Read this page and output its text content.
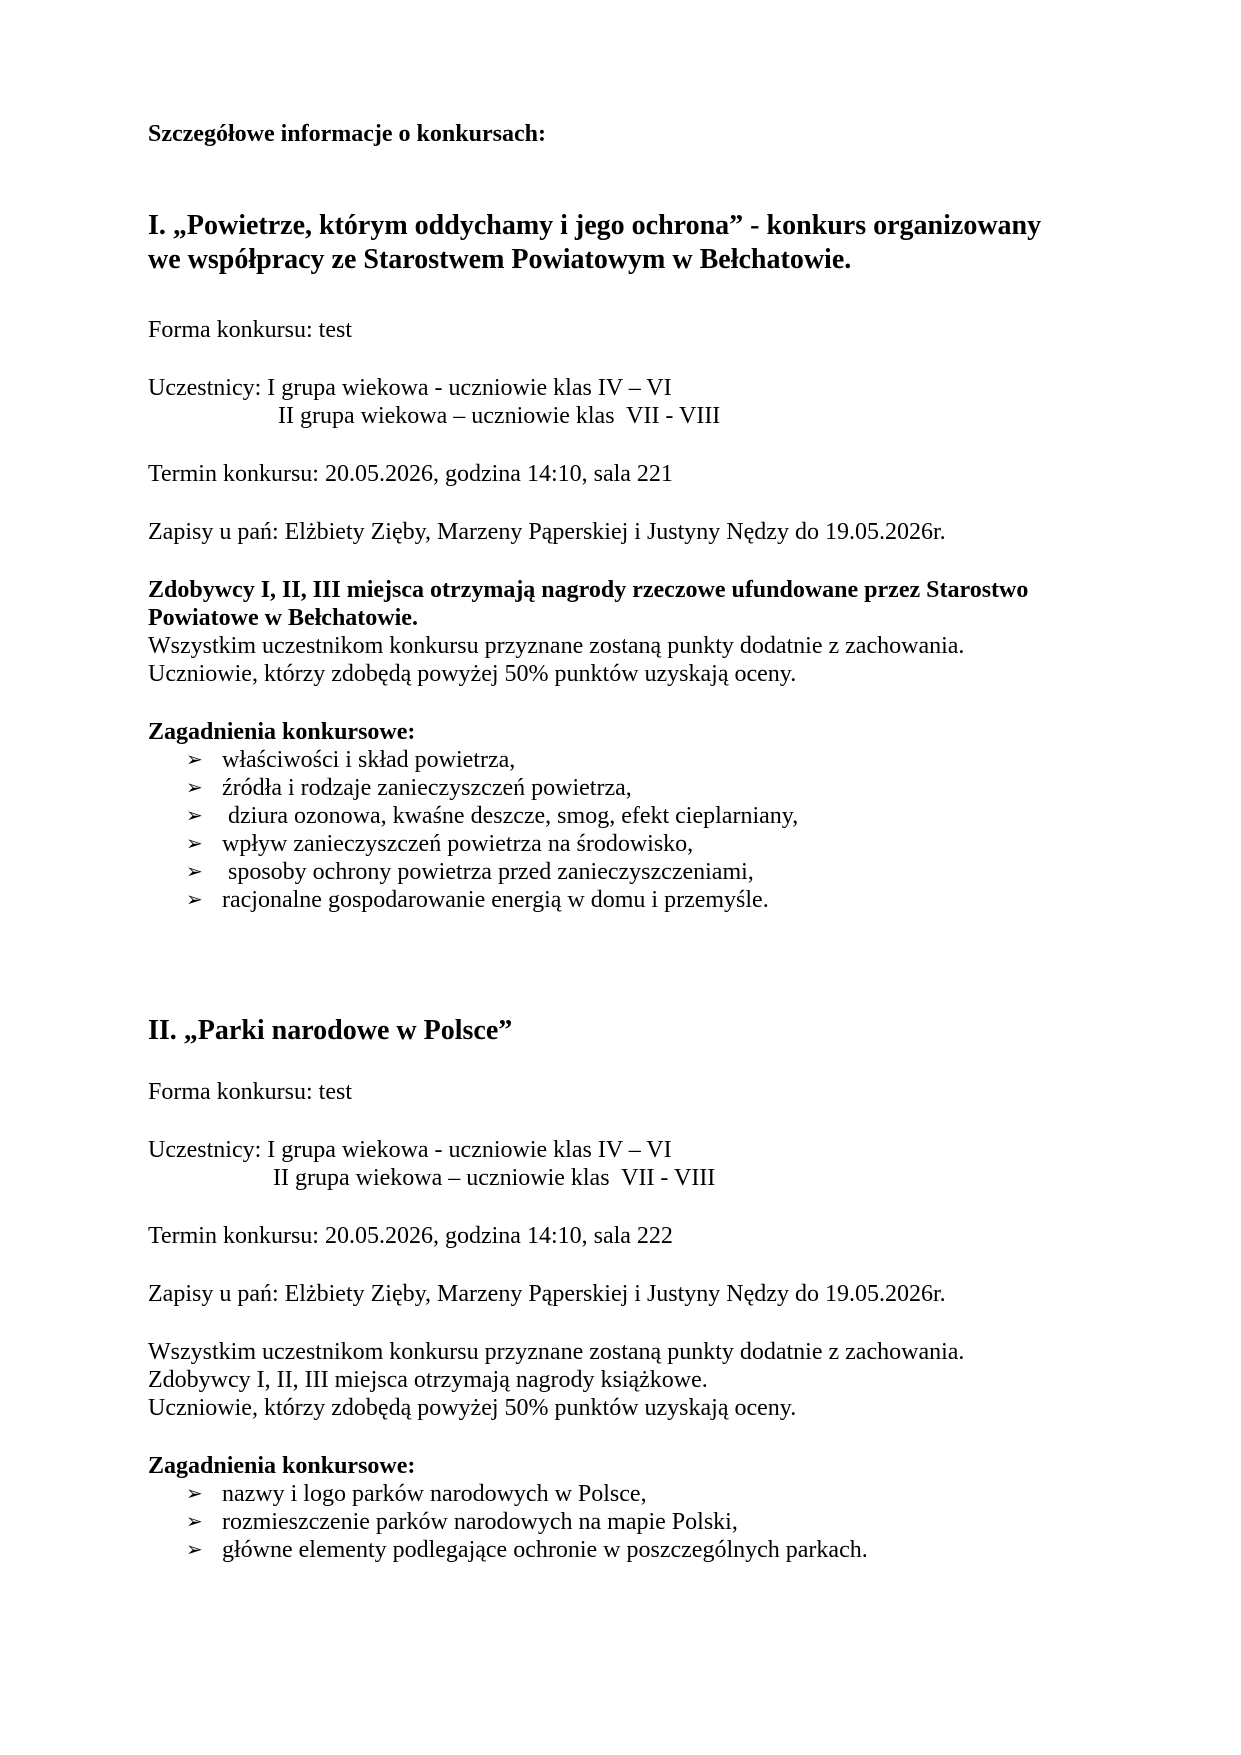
Szczegółowe informacje o konkursach:

I. „Powietrze, którym oddychamy i jego ochrona” - konkurs organizowany

we współpracy ze Starostwem Powiatowym w Bełchatowie.

Forma konkursu: test

Uczestnicy: I grupa wiekowa - uczniowie klas IV – VI

II grupa wiekowa – uczniowie klas  VII - VIII

Termin konkursu: 20.05.2026, godzina 14:10, sala 221

Zapisy u pań: Elżbiety Zięby, Marzeny Pąperskiej i Justyny Nędzy do 19.05.2026r.

Zdobywcy I, II, III miejsca otrzymają nagrody rzeczowe ufundowane przez Starostwo

Powiatowe w Bełchatowie.

Wszystkim uczestnikom konkursu przyznane zostaną punkty dodatnie z zachowania.

Uczniowie, którzy zdobędą powyżej 50% punktów uzyskają oceny.

Zagadnienia konkursowe:

➢ właściwości i skład powietrza,

➢ źródła i rodzaje zanieczyszczeń powietrza,

➢ dziura ozonowa, kwaśne deszcze, smog, efekt cieplarniany,

➢ wpływ zanieczyszczeń powietrza na środowisko,

➢ sposoby ochrony powietrza przed zanieczyszczeniami,

➢ racjonalne gospodarowanie energią w domu i przemyśle.

II. „Parki narodowe w Polsce”

Forma konkursu: test

Uczestnicy: I grupa wiekowa - uczniowie klas IV – VI

II grupa wiekowa – uczniowie klas  VII - VIII

Termin konkursu: 20.05.2026, godzina 14:10, sala 222

Zapisy u pań: Elżbiety Zięby, Marzeny Pąperskiej i Justyny Nędzy do 19.05.2026r.

Wszystkim uczestnikom konkursu przyznane zostaną punkty dodatnie z zachowania.

Zdobywcy I, II, III miejsca otrzymają nagrody książkowe.

Uczniowie, którzy zdobędą powyżej 50% punktów uzyskają oceny.

Zagadnienia konkursowe:

➢ nazwy i logo parków narodowych w Polsce,

➢ rozmieszczenie parków narodowych na mapie Polski,

➢ główne elementy podlegające ochronie w poszczególnych parkach.
